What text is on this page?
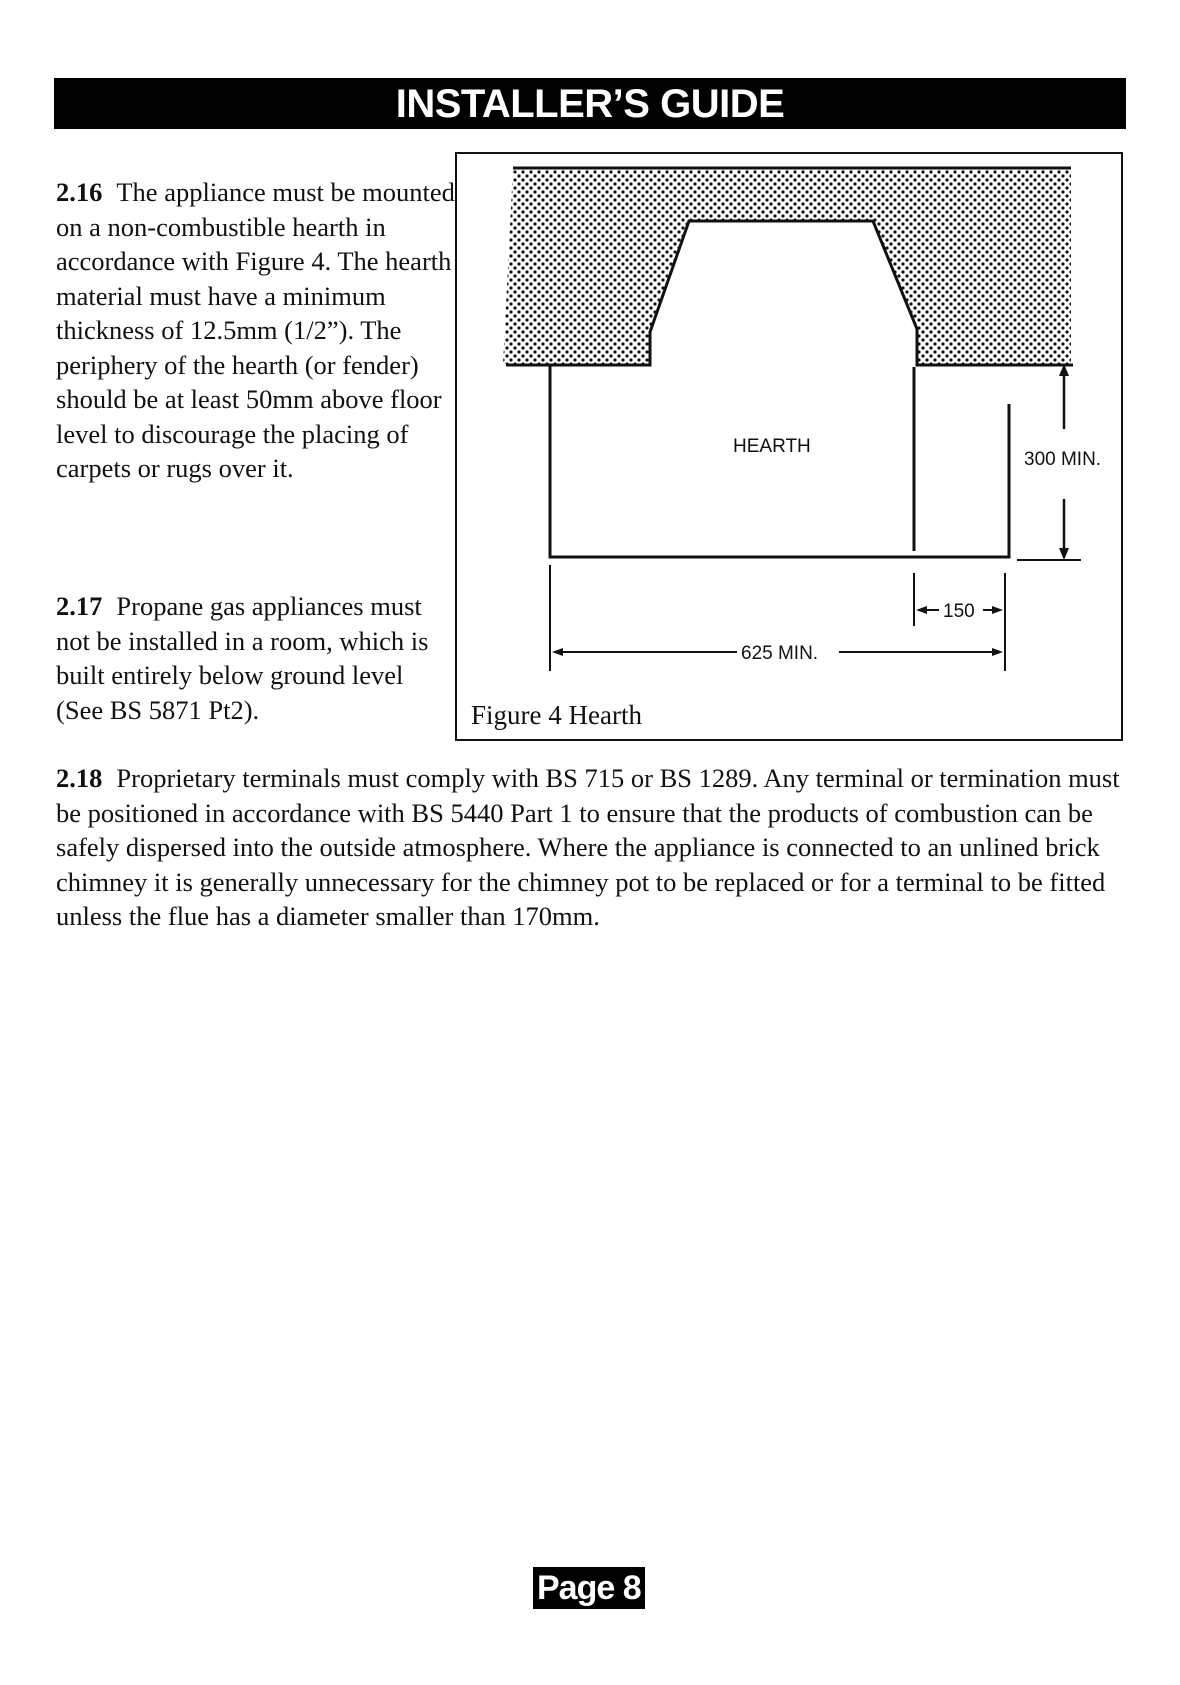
INSTALLER’S GUIDE

2.16 The appliance must be mounted on a non-combustible hearth in accordance with Figure 4. The hearth material must have a minimum thickness of 12.5mm (1/2”). The periphery of the hearth (or fender) should be at least 50mm above floor level to discourage the placing of carpets or rugs over it.

2.17 Propane gas appliances must not be installed in a room, which is built entirely below ground level (See BS 5871 Pt2).

HEARTH
300 MIN.
150
625 MIN.
Figure 4 Hearth

2.18 Proprietary terminals must comply with BS 715 or BS 1289. Any terminal or termination must be positioned in accordance with BS 5440 Part 1 to ensure that the products of combustion can be safely dispersed into the outside atmosphere. Where the appliance is connected to an unlined brick chimney it is generally unnecessary for the chimney pot to be replaced or for a terminal to be fitted unless the flue has a diameter smaller than 170mm.

Page 8
